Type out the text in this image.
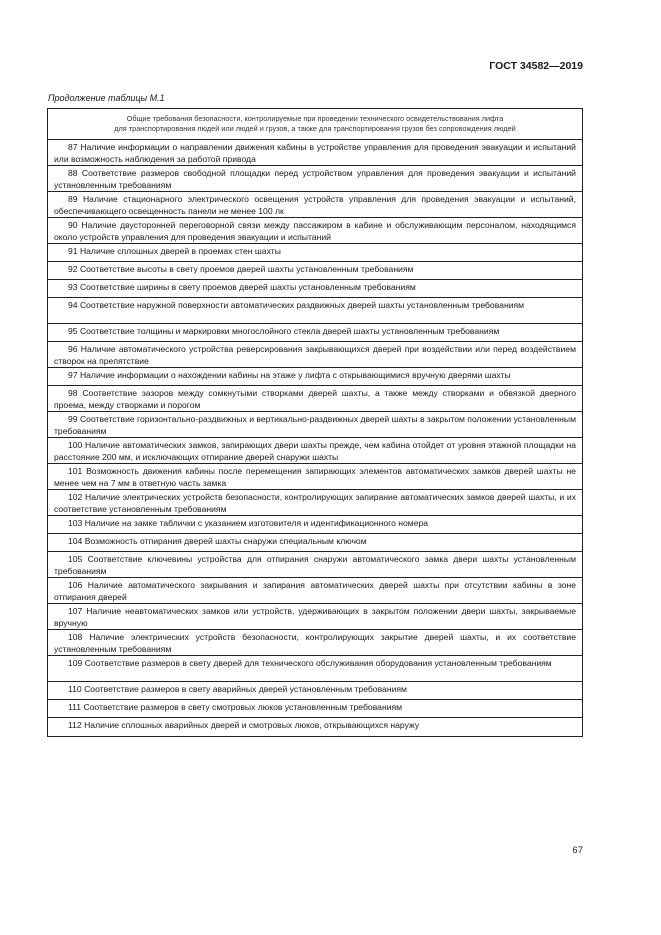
ГОСТ 34582—2019
Продолжение таблицы М.1
Общие требования безопасности, контролируемые при проведении технического освидетельствования лифта
для транспортирования людей или людей и грузов, а также для транспортирования грузов без сопровождения людей
87 Наличие информации о направлении движения кабины в устройстве управления для проведения эвакуации и испытаний или возможность наблюдения за работой привода
88 Соответствие размеров свободной площадки перед устройством управления для проведения эвакуации и испытаний установленным требованиям
89 Наличие стационарного электрического освещения устройств управления для проведения эвакуации и испытаний, обеспечивающего освещенность панели не менее 100 лк
90 Наличие двусторонней переговорной связи между пассажиром в кабине и обслуживающим персоналом, находящимся около устройств управления для проведения эвакуации и испытаний
91 Наличие сплошных дверей в проемах стен шахты
92 Соответствие высоты в свету проемов дверей шахты установленным требованиям
93 Соответствие ширины в свету проемов дверей шахты установленным требованиям
94 Соответствие наружной поверхности автоматических раздвижных дверей шахты установленным требованиям
95 Соответствие толщины и маркировки многослойного стекла дверей шахты установленным требованиям
96 Наличие автоматического устройства реверсирования закрывающихся дверей при воздействии или перед воздействием створок на препятствие
97 Наличие информации о нахождении кабины на этаже у лифта с открывающимися вручную дверями шахты
98 Соответствие зазоров между сомкнутыми створками дверей шахты, а также между створками и обвязкой дверного проема, между створками и порогом
99 Соответствие горизонтально-раздвижных и вертикально-раздвижных дверей шахты в закрытом положении установленным требованиям
100 Наличие автоматических замков, запирающих двери шахты прежде, чем кабина отойдет от уровня этажной площадки на расстояние 200 мм, и исключающих отпирание дверей снаружи шахты
101 Возможность движения кабины после перемещения запирающих элементов автоматических замков дверей шахты не менее чем на 7 мм в ответную часть замка
102 Наличие электрических устройств безопасности, контролирующих запирание автоматических замков дверей шахты, и их соответствие установленным требованиям
103 Наличие на замке таблички с указанием изготовителя и идентификационного номера
104 Возможность отпирания дверей шахты снаружи специальным ключом
105 Соответствие ключевины устройства для отпирания снаружи автоматического замка двери шахты установленным требованиям
106 Наличие автоматического закрывания и запирания автоматических дверей шахты при отсутствии кабины в зоне отпирания дверей
107 Наличие неавтоматических замков или устройств, удерживающих в закрытом положении двери шахты, закрываемые вручную
108 Наличие электрических устройств безопасности, контролирующих закрытие дверей шахты, и их соответствие установленным требованиям
109 Соответствие размеров в свету дверей для технического обслуживания оборудования установленным требованиям
110 Соответствие размеров в свету аварийных дверей установленным требованиям
111 Соответствие размеров в свету смотровых люков установленным требованиям
112 Наличие сплошных аварийных дверей и смотровых люков, открывающихся наружу
67
